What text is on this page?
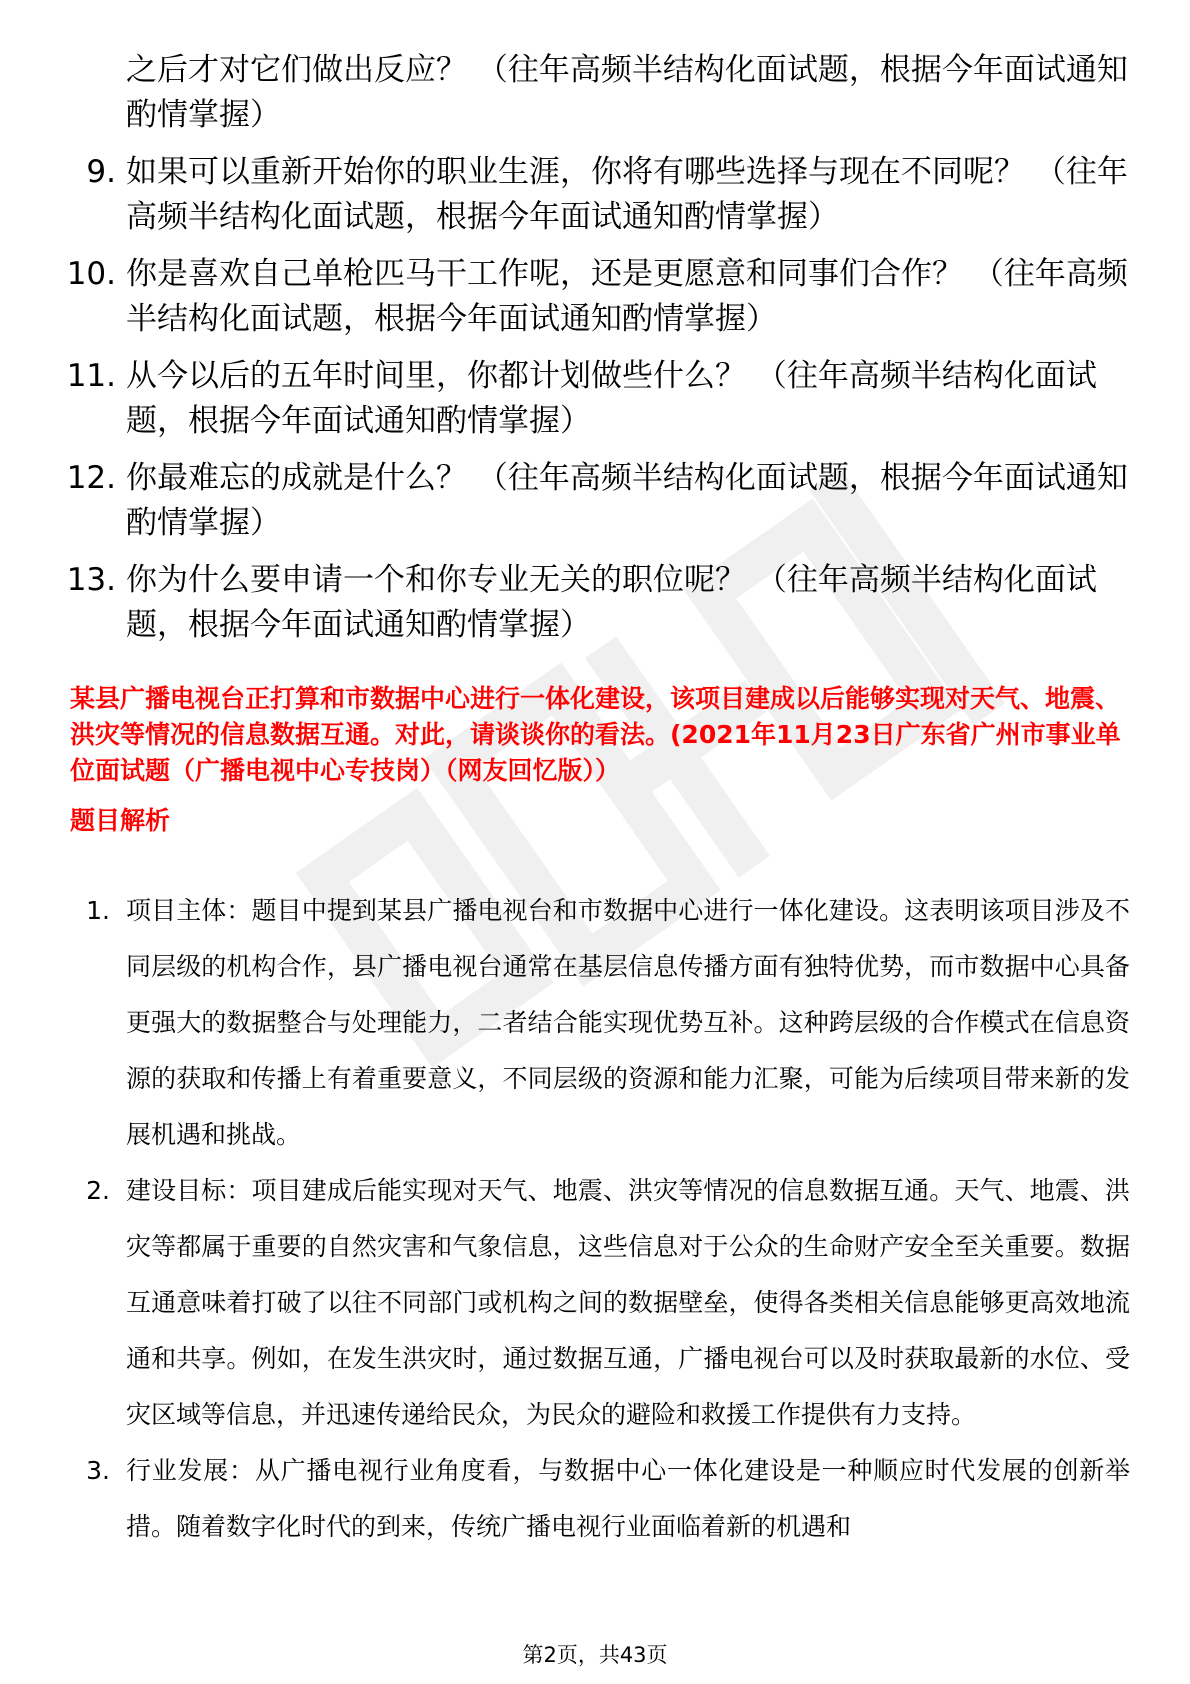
之后才对它们做出反应？ （往年高频半结构化面试题，根据今年面试通知酌情掌握）
9. 如果可以重新开始你的职业生涯，你将有哪些选择与现在不同呢？ （往年高频半结构化面试题，根据今年面试通知酌情掌握）
10. 你是喜欢自己单枪匹马干工作呢，还是更愿意和同事们合作？ （往年高频半结构化面试题，根据今年面试通知酌情掌握）
11. 从今以后的五年时间里，你都计划做些什么？ （往年高频半结构化面试题，根据今年面试通知酌情掌握）
12. 你最难忘的成就是什么？ （往年高频半结构化面试题，根据今年面试通知酌情掌握）
13. 你为什么要申请一个和你专业无关的职位呢？ （往年高频半结构化面试题，根据今年面试通知酌情掌握）

某县广播电视台正打算和市数据中心进行一体化建设，该项目建成以后能够实现对天气、地震、洪灾等情况的信息数据互通。对此，请谈谈你的看法。(2021年11月23日广东省广州市事业单位面试题（广播电视中心专技岗）（网友回忆版））

题目解析

1. 项目主体：题目中提到某县广播电视台和市数据中心进行一体化建设。这表明该项目涉及不同层级的机构合作，县广播电视台通常在基层信息传播方面有独特优势，而市数据中心具备更强大的数据整合与处理能力，二者结合能实现优势互补。这种跨层级的合作模式在信息资源的获取和传播上有着重要意义，不同层级的资源和能力汇聚，可能为后续项目带来新的发展机遇和挑战。
2. 建设目标：项目建成后能实现对天气、地震、洪灾等情况的信息数据互通。天气、地震、洪灾等都属于重要的自然灾害和气象信息，这些信息对于公众的生命财产安全至关重要。数据互通意味着打破了以往不同部门或机构之间的数据壁垒，使得各类相关信息能够更高效地流通和共享。例如，在发生洪灾时，通过数据互通，广播电视台可以及时获取最新的水位、受灾区域等信息，并迅速传递给民众，为民众的避险和救援工作提供有力支持。
3. 行业发展：从广播电视行业角度看，与数据中心一体化建设是一种顺应时代发展的创新举措。随着数字化时代的到来，传统广播电视行业面临着新的机遇和
第2页，共43页
